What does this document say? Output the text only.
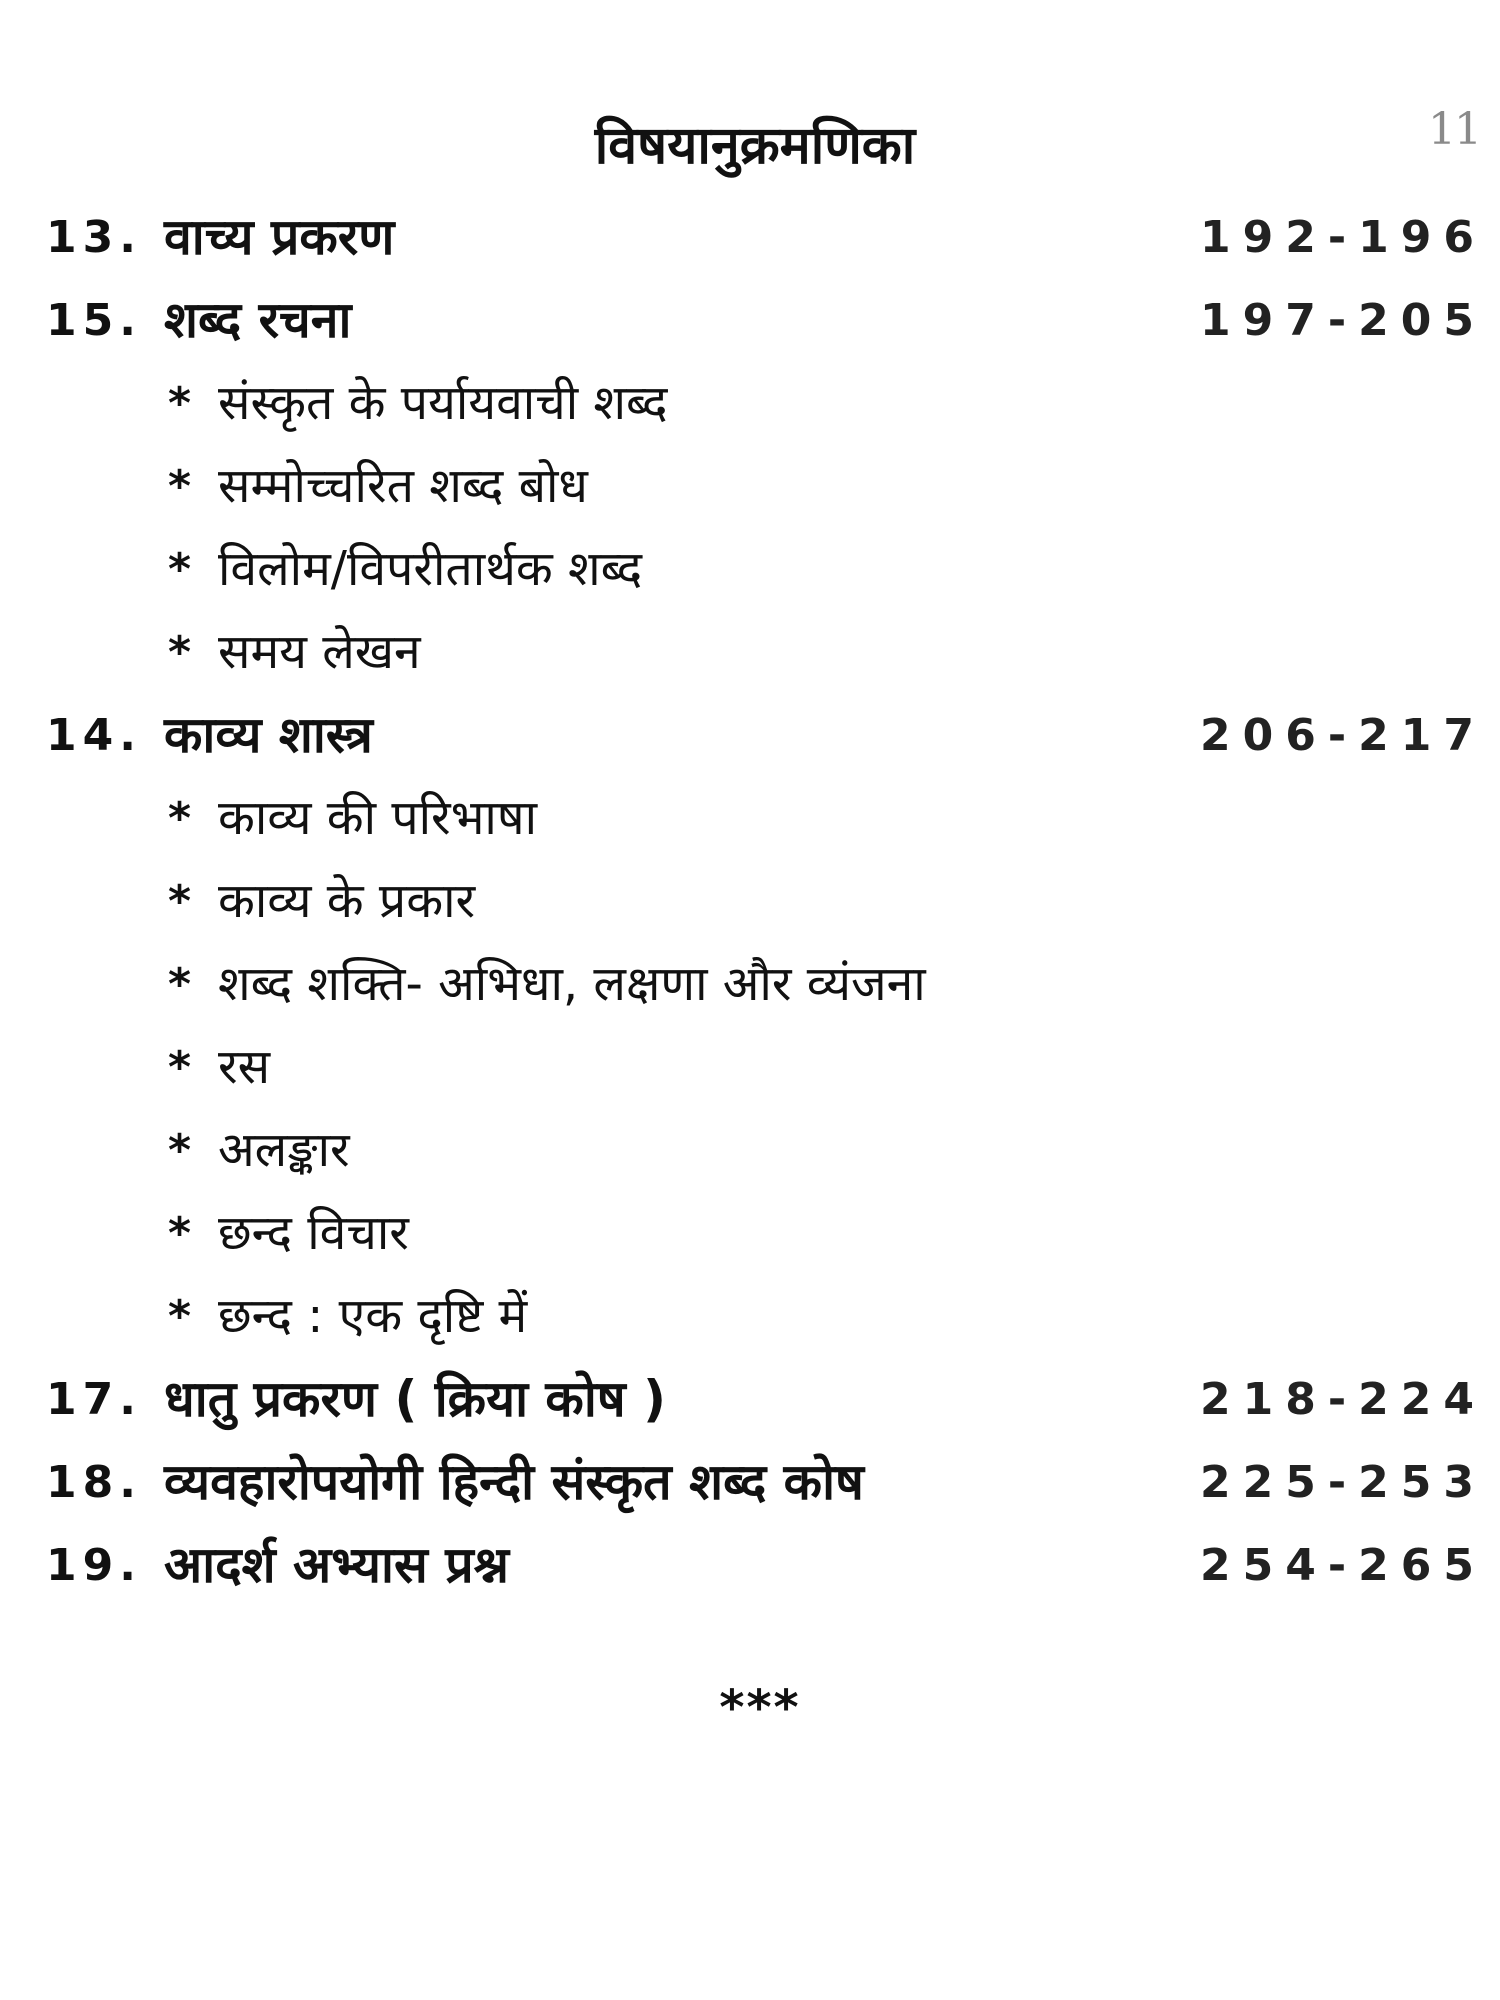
11
विषयानुक्रमणिका
13. वाच्य प्रकरण	192-196
15. शब्द रचना	197-205
* संस्कृत के पर्यायवाची शब्द
* सम्मोच्चरित शब्द बोध
* विलोम/विपरीतार्थक शब्द
* समय लेखन
14. काव्य शास्त्र	206-217
* काव्य की परिभाषा
* काव्य के प्रकार
* शब्द शक्ति- अभिधा, लक्षणा और व्यंजना
* रस
* अलङ्कार
* छन्द विचार
* छन्द : एक दृष्टि में
17. धातु प्रकरण ( क्रिया कोष )	218-224
18. व्यवहारोपयोगी हिन्दी संस्कृत शब्द कोष	225-253
19. आदर्श अभ्यास प्रश्न	254-265
***
